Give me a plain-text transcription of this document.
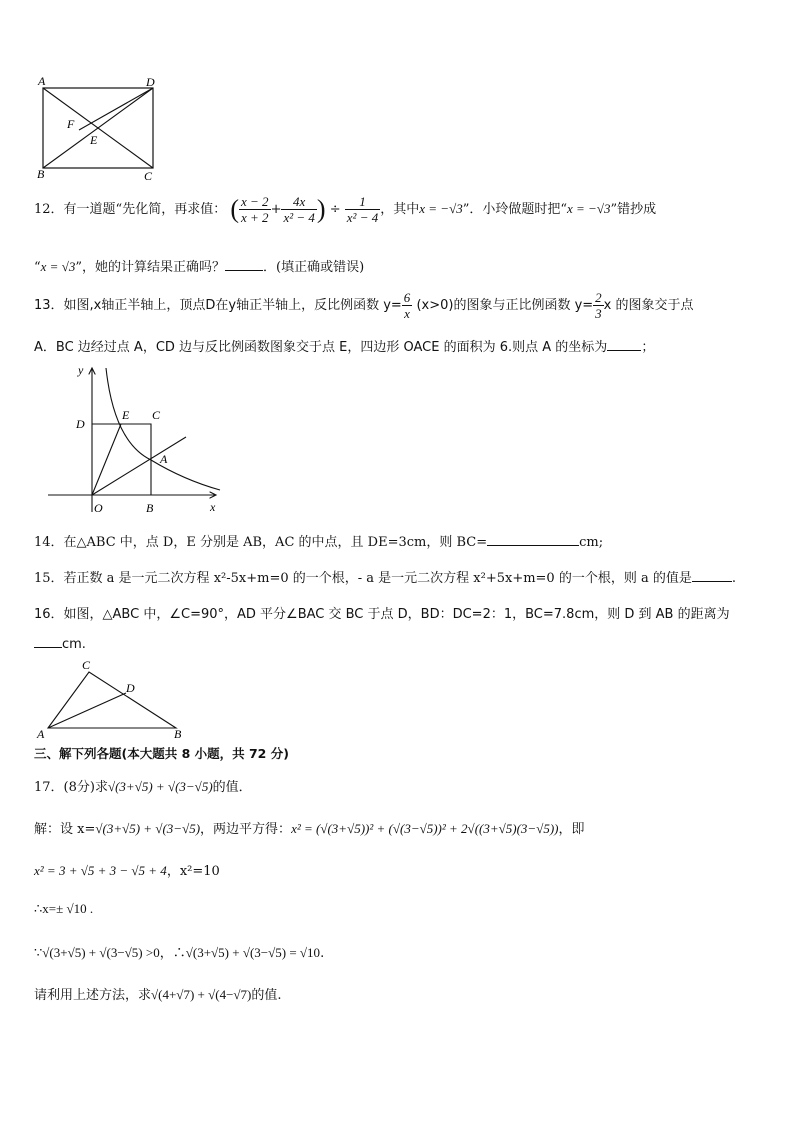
A	D
F
E
B	C
12．有一道题“先化简，再求值： ( $\frac{x - 2}{x + 2} + \frac{4x}{\text{x² − 4}}$ ) ÷ $\frac{1}{\text{x² − 4}}$ ，其中x = −√3”．小玲做题时把“x = −√3”错抄成
“x = √3”，她的计算结果正确吗？	．(填正确或错误)
13．如图,x轴正半轴上，顶点D在y轴正半轴上，反比例函数 $y= \frac{6}{x} (x>0)$的图象与正比例函数 $y= \frac{2}{3}$ x 的图象交于点
A．BC 边经过点 A，CD 边与反比例函数图象交于点 E，四边形 OACE 的面积为 6.则点 A 的坐标为	；
y
x
D
E C
A
O	B
14．在△ABC 中，点 D，E 分别是 AB，AC 的中点，且 DE=3cm，则 BC=	cm;
15．若正数 a 是一元二次方程 x²-5x+m=0 的一个根，- a 是一元二次方程 x²+5x+m=0 的一个根，则 a 的值是	.
16．如图，△ABC 中，∠C=90°，AD 平分∠BAC 交 BC 于点 D，BD：DC=2：1，BC=7.8cm，则 D 到 AB 的距离为
cm.
C
D
A	B
三、解下列各题(本大题共 8 小题，共 72 分)
17．(8分)求√(3+√5) + √(3−√5)的值．
解：设 x=√(3+√5) + √(3−√5)，两边平方得：x² = (√(3+√5))² + (√(3−√5))² + 2√((3+√5)(3−√5))，即
x² = 3 + √5 + 3 − √5 + 4，x²=10
∴x=± √10 .
∵√(3+√5) + √(3−√5) >0，∴√(3+√5) + √(3−√5) = √10.
请利用上述方法，求√(4+√7) + √(4−√7)的值.
